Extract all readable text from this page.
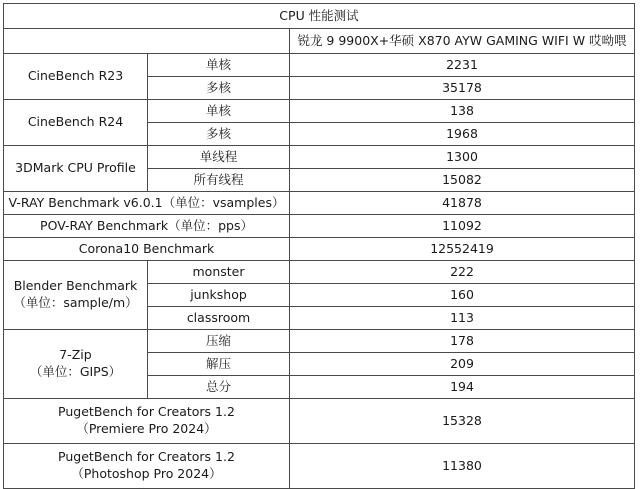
CPU 性能测试		
		锐龙 9 9900X+华硕 X870 AYW GAMING WIFI W 哎呦喂
CineBench R23	单核	2231
	多核	35178
CineBench R24	单核	138
	多核	1968
3DMark CPU Profile	单线程	1300
	所有线程	15082
V-RAY Benchmark v6.0.1（单位：vsamples）		41878
POV-RAY Benchmark（单位：pps）		11092
Corona10 Benchmark		12552419

Blender Benchmark
（单位：sample/m）	monster	222
	junkshop	160
	classroom	113

7-Zip
（单位：GIPS）	压缩	178
	解压	209
	总分	194

PugetBench for Creators 1.2
（Premiere Pro 2024）		15328

PugetBench for Creators 1.2
（Photoshop Pro 2024）		11380
